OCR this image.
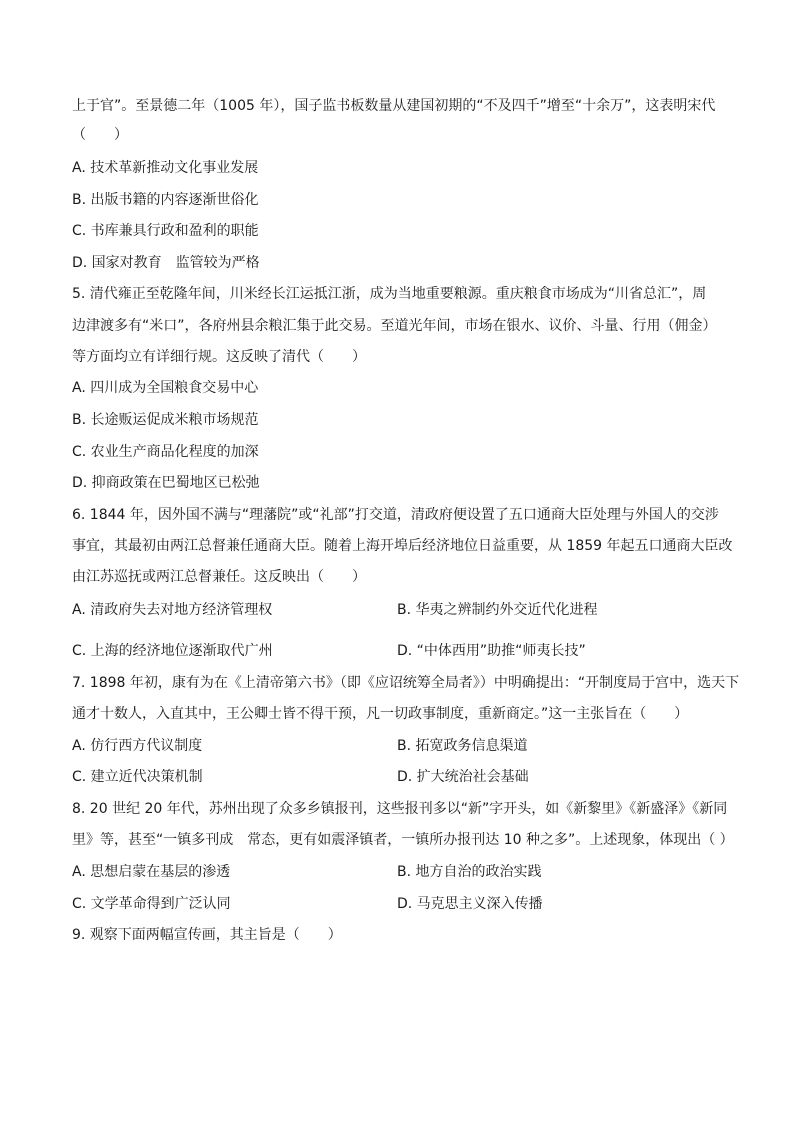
上于官”。至景德二年（1005 年），国子监书板数量从建国初期的“不及四千”增至“十余万”，这表明宋代
（　　）
A. 技术革新推动文化事业发展
B. 出版书籍的内容逐渐世俗化
C. 书库兼具行政和盈利的职能
D. 国家对教育　监管较为严格
5. 清代雍正至乾隆年间，川米经长江运抵江浙，成为当地重要粮源。重庆粮食市场成为“川省总汇”，周
边津渡多有“米口”，各府州县余粮汇集于此交易。至道光年间，市场在银水、议价、斗量、行用（佣金）
等方面均立有详细行规。这反映了清代（　　）
A. 四川成为全国粮食交易中心
B. 长途贩运促成米粮市场规范
C. 农业生产商品化程度的加深
D. 抑商政策在巴蜀地区已松弛
6. 1844 年，因外国不满与“理藩院”或“礼部”打交道，清政府便设置了五口通商大臣处理与外国人的交涉
事宜，其最初由两江总督兼任通商大臣。随着上海开埠后经济地位日益重要，从 1859 年起五口通商大臣改
由江苏巡抚或两江总督兼任。这反映出（　　）
A. 清政府失去对地方经济管理权	B. 华夷之辨制约外交近代化进程
C. 上海的经济地位逐渐取代广州	D. “中体西用”助推“师夷长技”
7. 1898 年初，康有为在《上清帝第六书》（即《应诏统筹全局者》）中明确提出：“开制度局于宫中，选天下
通才十数人，入直其中，王公卿士皆不得干预，凡一切政事制度，重新商定。”这一主张旨在（　　）
A. 仿行西方代议制度	B. 拓宽政务信息渠道
C. 建立近代决策机制	D. 扩大统治社会基础
8. 20 世纪 20 年代，苏州出现了众多乡镇报刊，这些报刊多以“新”字开头，如《新黎里》《新盛泽》《新同
里》等，甚至“一镇多刊成　常态，更有如震泽镇者，一镇所办报刊达 10 种之多”。上述现象，体现出（ ）
A. 思想启蒙在基层的渗透	B. 地方自治的政治实践
C. 文学革命得到广泛认同	D. 马克思主义深入传播
9. 观察下面两幅宣传画，其主旨是（　　）
